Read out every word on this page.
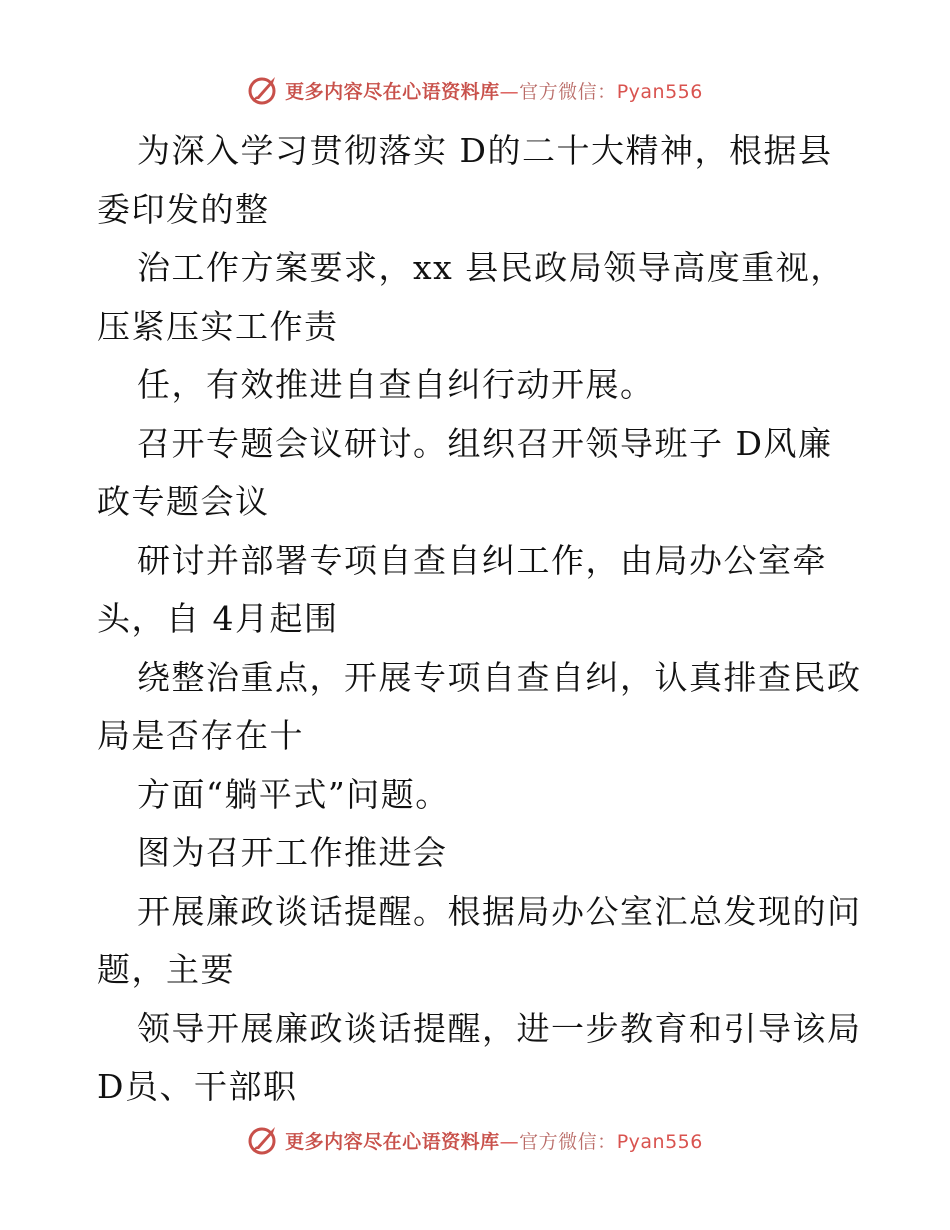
更多内容尽在心语资料库—官方微信：Pyan556
为深入学习贯彻落实 D的二十大精神，根据县
委印发的整
治工作方案要求，xx 县民政局领导高度重视，
压紧压实工作责
任，有效推进自查自纠行动开展。
召开专题会议研讨。组织召开领导班子 D风廉
政专题会议
研讨并部署专项自查自纠工作，由局办公室牵
头，自 4月起围
绕整治重点，开展专项自查自纠，认真排查民政
局是否存在十
方面“躺平式”问题。
图为召开工作推进会
开展廉政谈话提醒。根据局办公室汇总发现的问
题，主要
领导开展廉政谈话提醒，进一步教育和引导该局
D员、干部职
更多内容尽在心语资料库—官方微信：Pyan556
